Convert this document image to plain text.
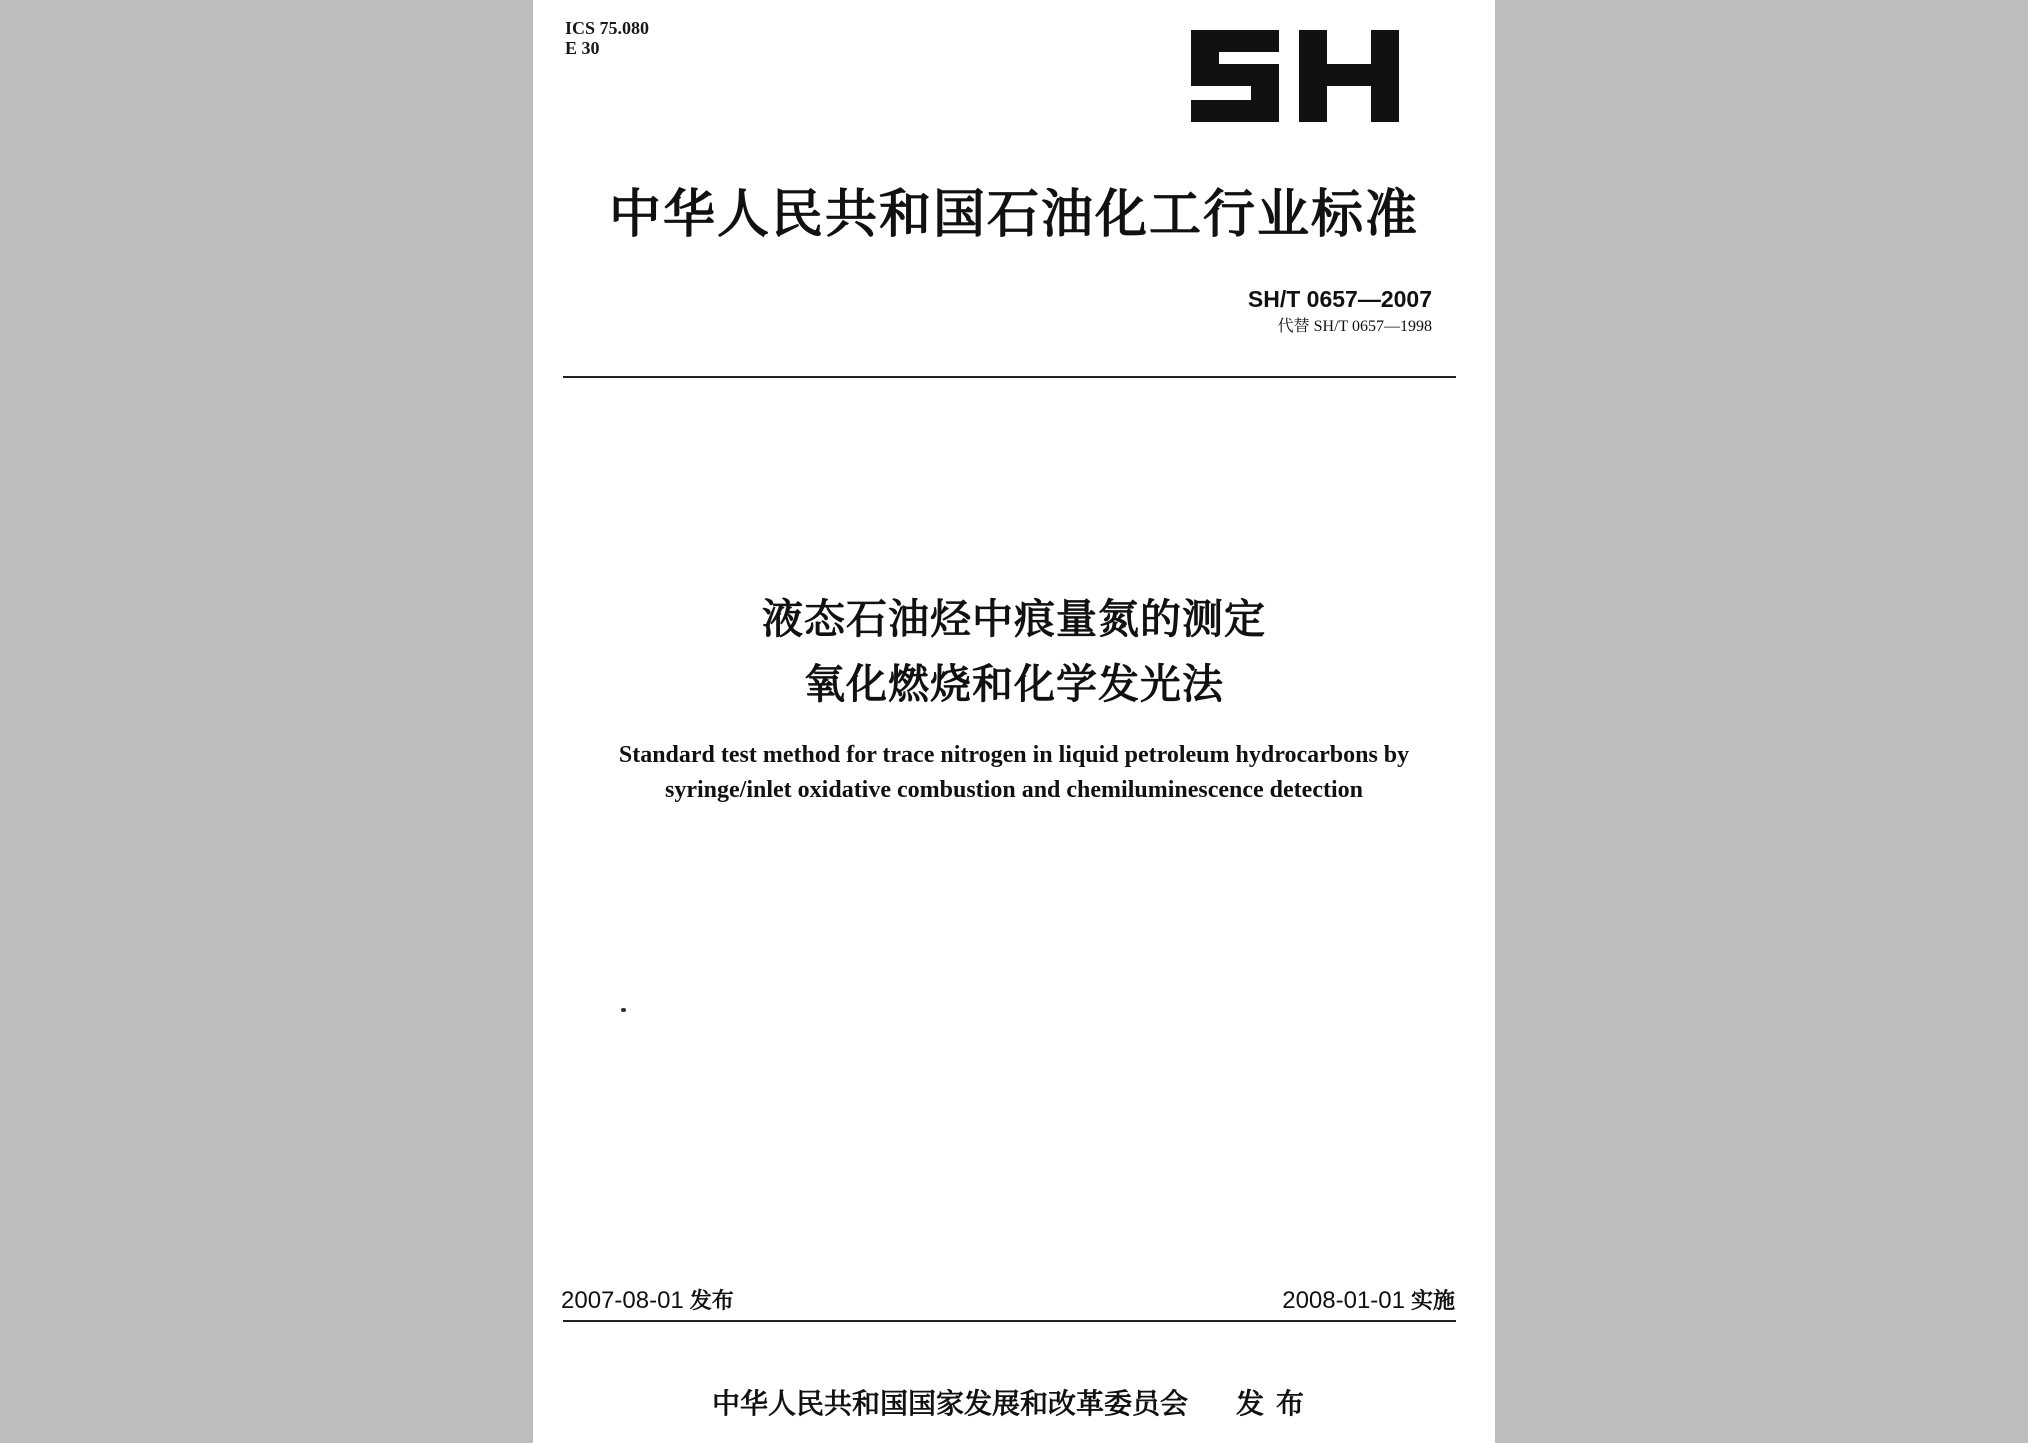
ICS 75.080
E 30
中华人民共和国石油化工行业标准
SH/T 0657—2007
代替 SH/T 0657—1998
液态石油烃中痕量氮的测定
氧化燃烧和化学发光法
Standard test method for trace nitrogen in liquid petroleum hydrocarbons by
syringe/inlet oxidative combustion and chemiluminescence detection
2007-08-01 发布	2008-01-01 实施
中华人民共和国国家发展和改革委员会 发布
